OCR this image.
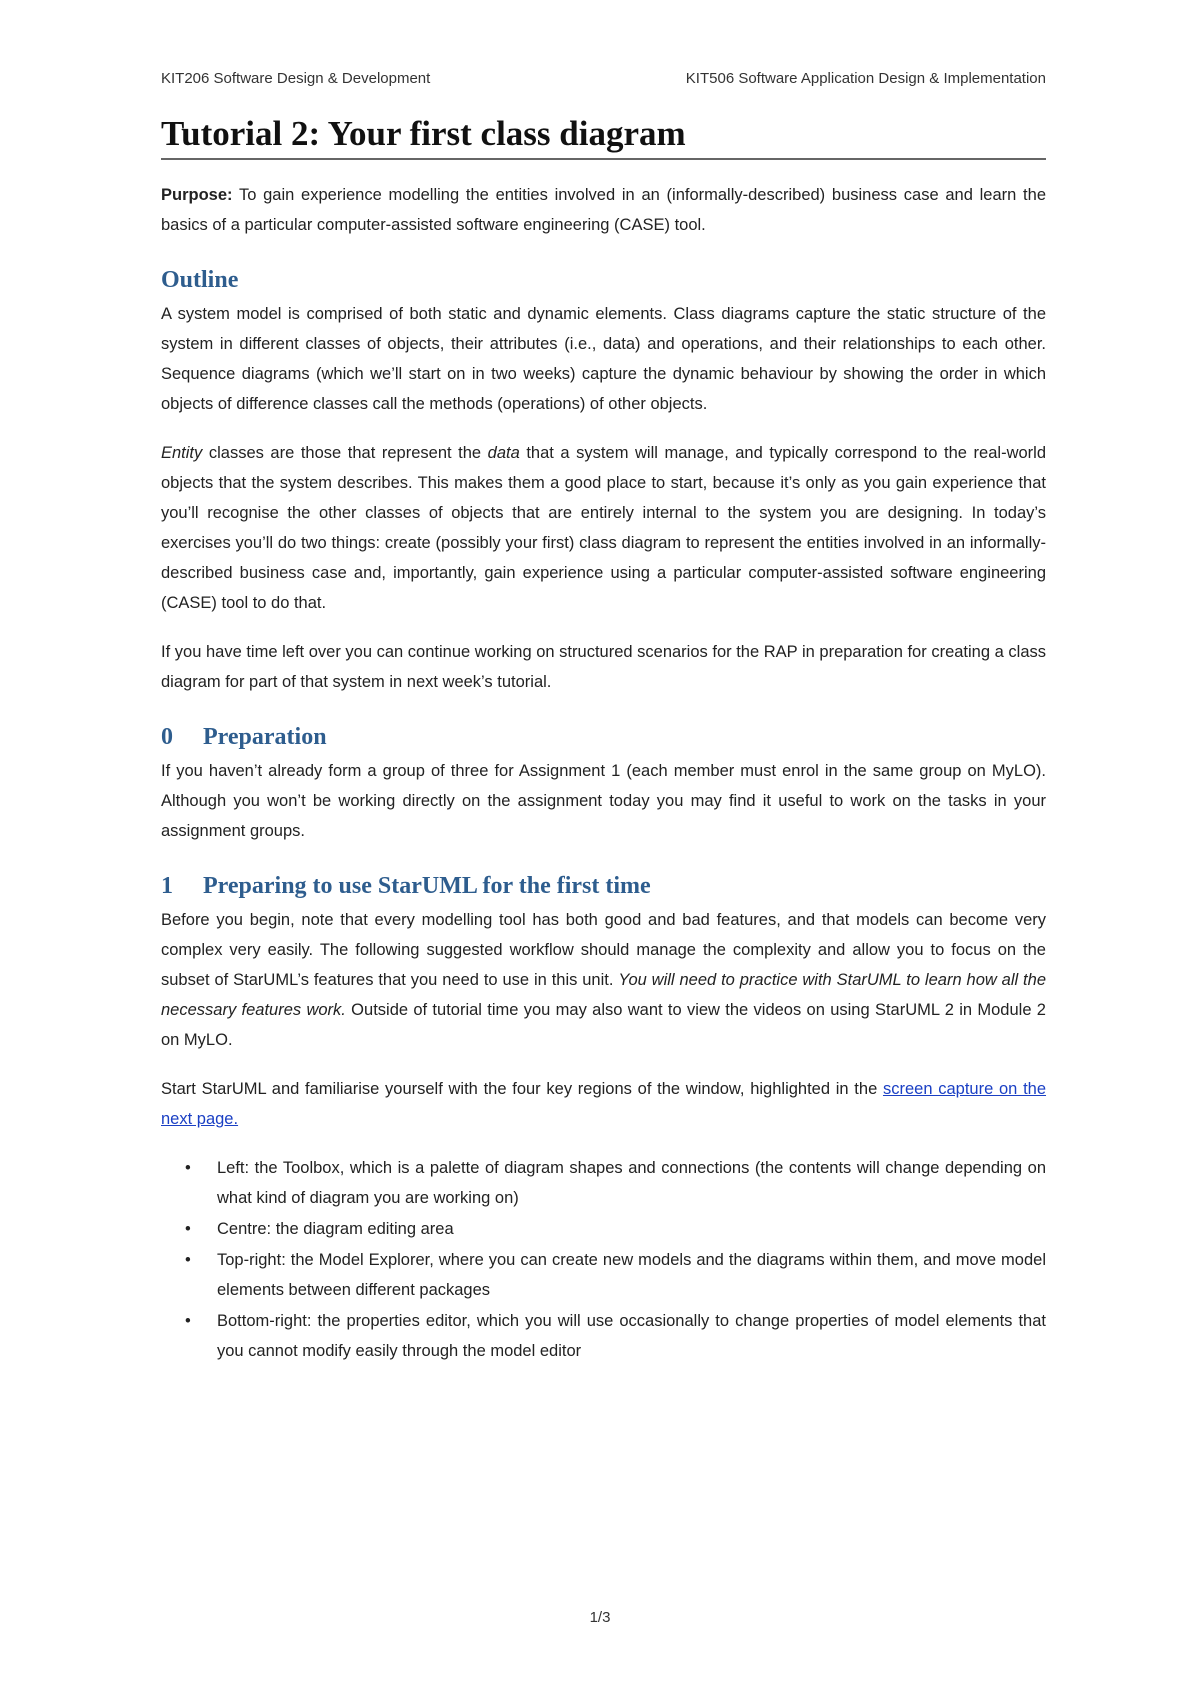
KIT206 Software Design & Development	KIT506 Software Application Design & Implementation
Tutorial 2: Your first class diagram

Purpose: To gain experience modelling the entities involved in an (informally-described) business case and learn the basics of a particular computer-assisted software engineering (CASE) tool.

Outline

A system model is comprised of both static and dynamic elements. Class diagrams capture the static structure of the system in different classes of objects, their attributes (i.e., data) and operations, and their relationships to each other. Sequence diagrams (which we’ll start on in two weeks) capture the dynamic behaviour by showing the order in which objects of difference classes call the methods (operations) of other objects.

Entity classes are those that represent the data that a system will manage, and typically correspond to the real-world objects that the system describes. This makes them a good place to start, because it’s only as you gain experience that you’ll recognise the other classes of objects that are entirely internal to the system you are designing. In today’s exercises you’ll do two things: create (possibly your first) class diagram to represent the entities involved in an informally-described business case and, importantly, gain experience using a particular computer-assisted software engineering (CASE) tool to do that.

If you have time left over you can continue working on structured scenarios for the RAP in preparation for creating a class diagram for part of that system in next week’s tutorial.

0 Preparation

If you haven’t already form a group of three for Assignment 1 (each member must enrol in the same group on MyLO). Although you won’t be working directly on the assignment today you may find it useful to work on the tasks in your assignment groups.

1 Preparing to use StarUML for the first time

Before you begin, note that every modelling tool has both good and bad features, and that models can become very complex very easily. The following suggested workflow should manage the complexity and allow you to focus on the subset of StarUML’s features that you need to use in this unit. You will need to practice with StarUML to learn how all the necessary features work. Outside of tutorial time you may also want to view the videos on using StarUML 2 in Module 2 on MyLO.

Start StarUML and familiarise yourself with the four key regions of the window, highlighted in the screen capture on the next page.

• Left: the Toolbox, which is a palette of diagram shapes and connections (the contents will change depending on what kind of diagram you are working on)
• Centre: the diagram editing area
• Top-right: the Model Explorer, where you can create new models and the diagrams within them, and move model elements between different packages
• Bottom-right: the properties editor, which you will use occasionally to change properties of model elements that you cannot modify easily through the model editor
1/3
